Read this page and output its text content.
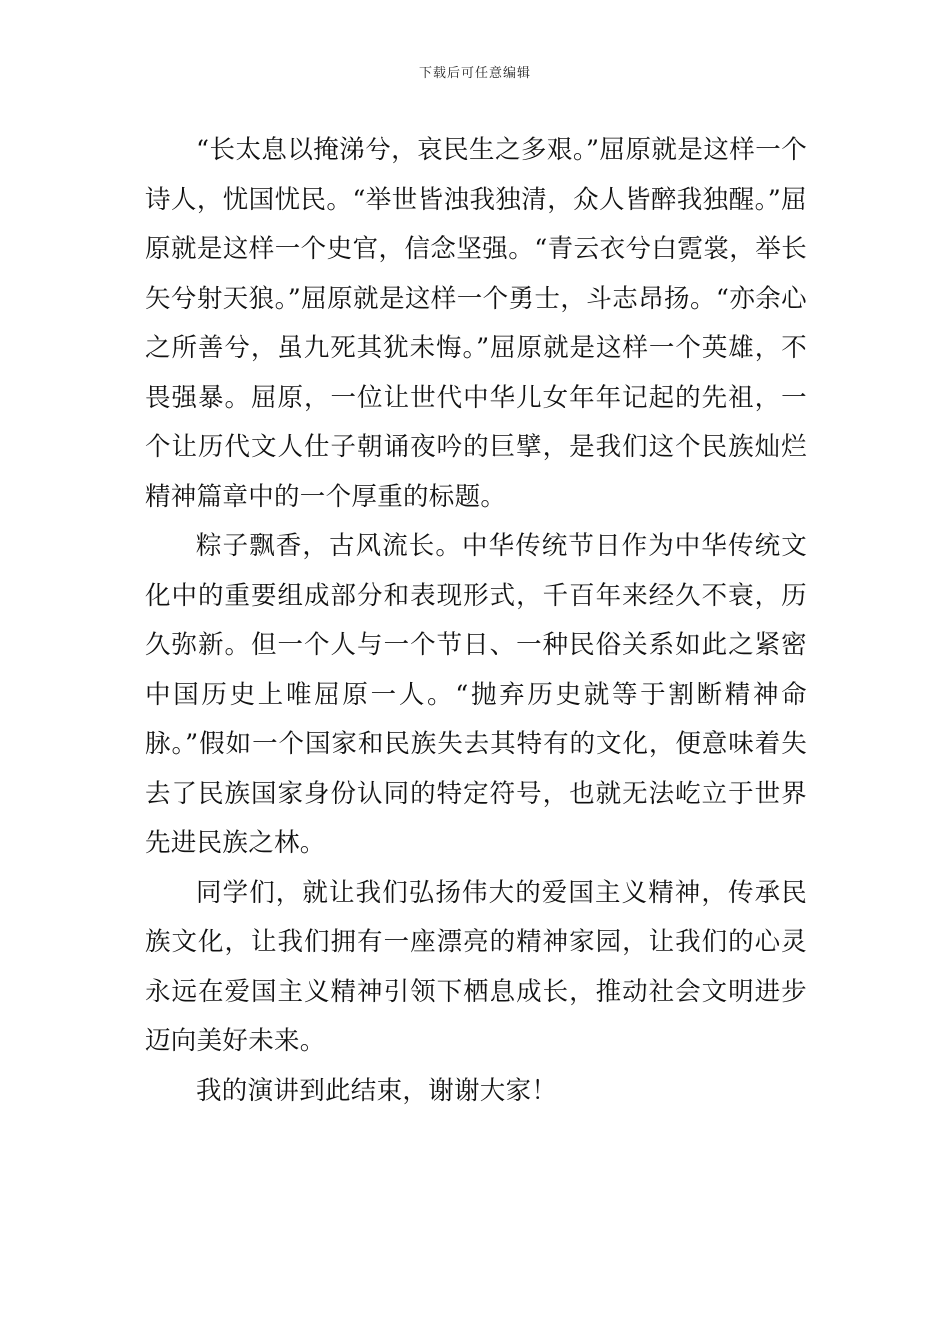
下载后可任意编辑

“长太息以掩涕兮，哀民生之多艰。”屈原就是这样一个诗人，忧国忧民。“举世皆浊我独清，众人皆醉我独醒。”屈原就是这样一个史官，信念坚强。“青云衣兮白霓裳，举长矢兮射天狼。”屈原就是这样一个勇士，斗志昂扬。“亦余心之所善兮，虽九死其犹未悔。”屈原就是这样一个英雄，不畏强暴。屈原，一位让世代中华儿女年年记起的先祖，一个让历代文人仕子朝诵夜吟的巨擘，是我们这个民族灿烂精神篇章中的一个厚重的标题。

粽子飘香，古风流长。中华传统节日作为中华传统文化中的重要组成部分和表现形式，千百年来经久不衰，历久弥新。但一个人与一个节日、一种民俗关系如此之紧密中国历史上唯屈原一人。“抛弃历史就等于割断精神命脉。”假如一个国家和民族失去其特有的文化，便意味着失去了民族国家身份认同的特定符号，也就无法屹立于世界先进民族之林。

同学们，就让我们弘扬伟大的爱国主义精神，传承民族文化，让我们拥有一座漂亮的精神家园，让我们的心灵永远在爱国主义精神引领下栖息成长，推动社会文明进步迈向美好未来。

我的演讲到此结束，谢谢大家！
